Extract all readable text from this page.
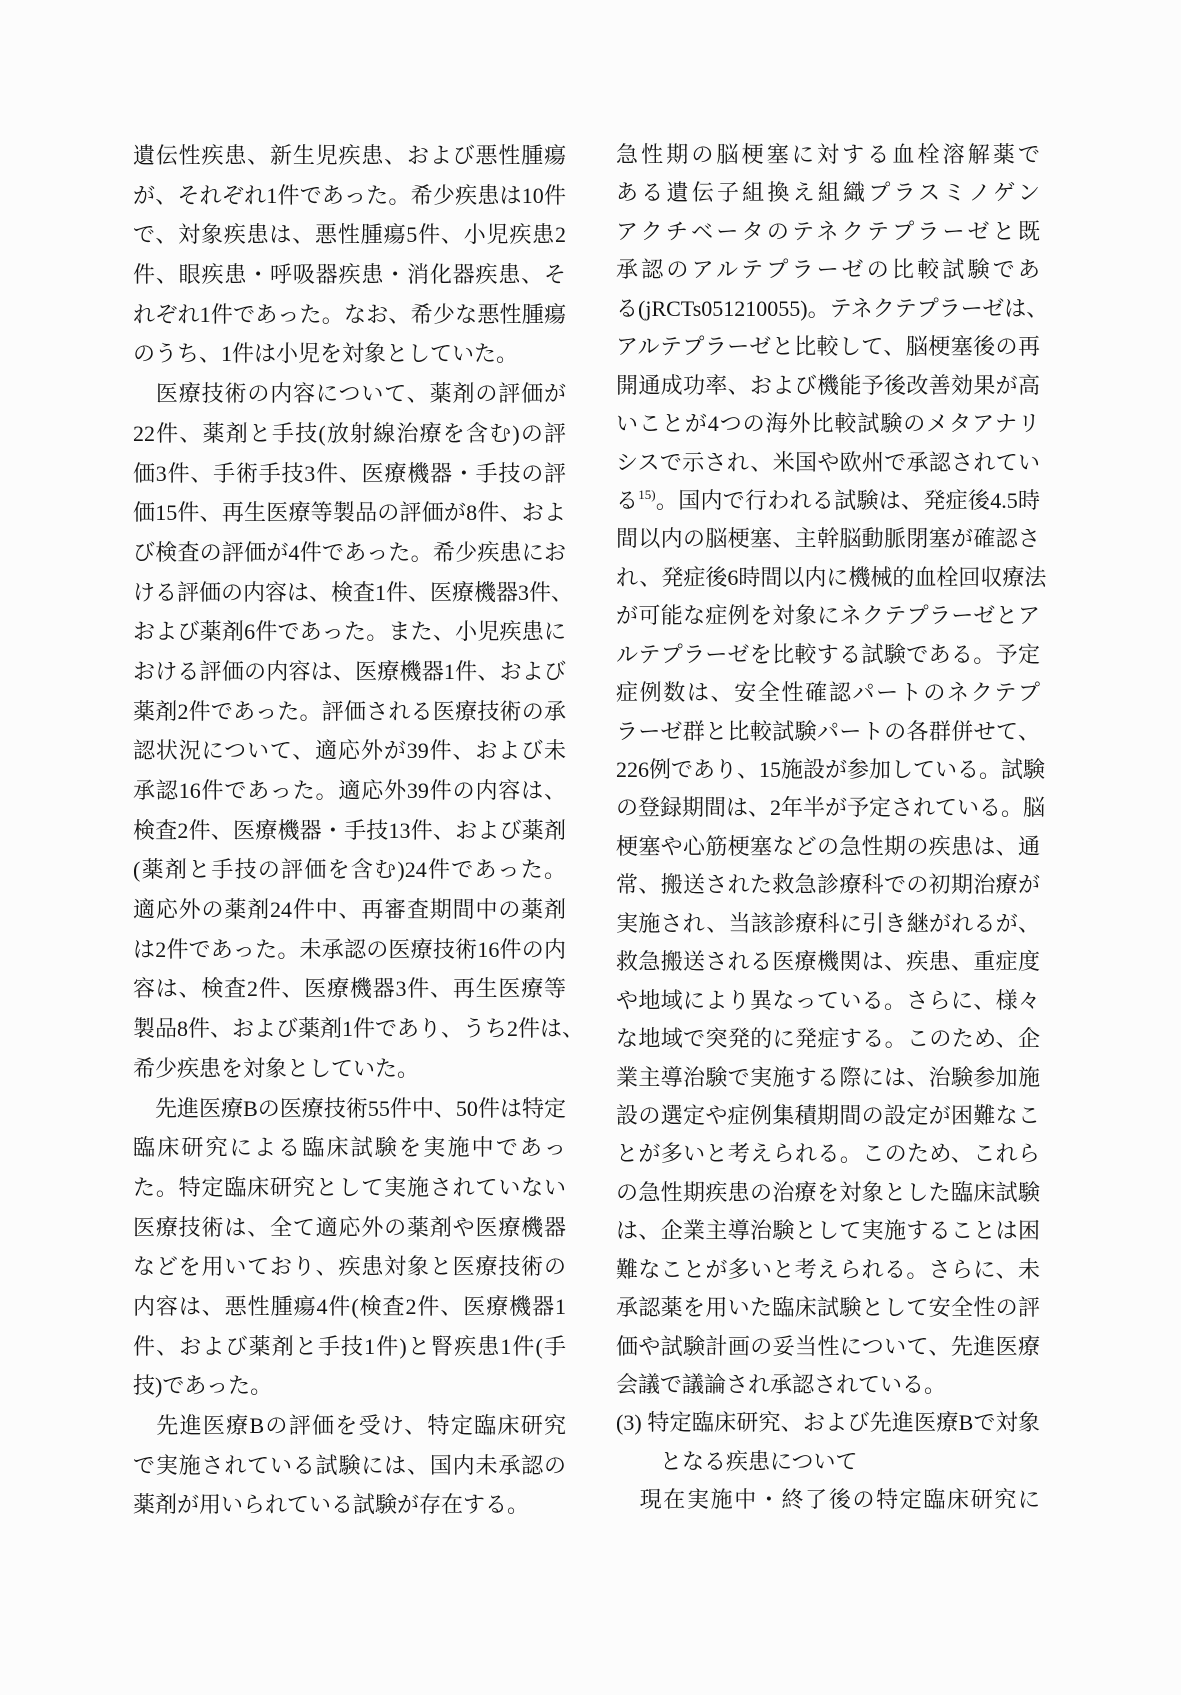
遺伝性疾患、新生児疾患、および悪性腫瘍
が、それぞれ1件であった。希少疾患は10件
で、対象疾患は、悪性腫瘍5件、小児疾患2
件、眼疾患・呼吸器疾患・消化器疾患、そ
れぞれ1件であった。なお、希少な悪性腫瘍
のうち、1件は小児を対象としていた。
　医療技術の内容について、薬剤の評価が
22件、薬剤と手技(放射線治療を含む)の評
価3件、手術手技3件、医療機器・手技の評
価15件、再生医療等製品の評価が8件、およ
び検査の評価が4件であった。希少疾患にお
ける評価の内容は、検査1件、医療機器3件、
および薬剤6件であった。また、小児疾患に
おける評価の内容は、医療機器1件、および
薬剤2件であった。評価される医療技術の承
認状況について、適応外が39件、および未
承認16件であった。適応外39件の内容は、
検査2件、医療機器・手技13件、および薬剤
(薬剤と手技の評価を含む)24件であった。
適応外の薬剤24件中、再審査期間中の薬剤
は2件であった。未承認の医療技術16件の内
容は、検査2件、医療機器3件、再生医療等
製品8件、および薬剤1件であり、うち2件は、
希少疾患を対象としていた。
　先進医療Bの医療技術55件中、50件は特定
臨床研究による臨床試験を実施中であっ
た。特定臨床研究として実施されていない
医療技術は、全て適応外の薬剤や医療機器
などを用いており、疾患対象と医療技術の
内容は、悪性腫瘍4件(検査2件、医療機器1
件、および薬剤と手技1件)と腎疾患1件(手
技)であった。
　先進医療Bの評価を受け、特定臨床研究
で実施されている試験には、国内未承認の
薬剤が用いられている試験が存在する。
急性期の脳梗塞に対する血栓溶解薬で
ある遺伝子組換え組織プラスミノゲン
アクチベータのテネクテプラーゼと既
承認のアルテプラーゼの比較試験であ
る(jRCTs051210055)。テネクテプラーゼは、
アルテプラーゼと比較して、脳梗塞後の再
開通成功率、および機能予後改善効果が高
いことが4つの海外比較試験のメタアナリ
シスで示され、米国や欧州で承認されてい
る$^{15)}$。国内で行われる試験は、発症後4.5時
間以内の脳梗塞、主幹脳動脈閉塞が確認さ
れ、発症後6時間以内に機械的血栓回収療法
が可能な症例を対象にネクテプラーゼとア
ルテプラーゼを比較する試験である。予定
症例数は、安全性確認パートのネクテプ
ラーゼ群と比較試験パートの各群併せて、
226例であり、15施設が参加している。試験
の登録期間は、2年半が予定されている。脳
梗塞や心筋梗塞などの急性期の疾患は、通
常、搬送された救急診療科での初期治療が
実施され、当該診療科に引き継がれるが、
救急搬送される医療機関は、疾患、重症度
や地域により異なっている。さらに、様々
な地域で突発的に発症する。このため、企
業主導治験で実施する際には、治験参加施
設の選定や症例集積期間の設定が困難なこ
とが多いと考えられる。このため、これら
の急性期疾患の治療を対象とした臨床試験
は、企業主導治験として実施することは困
難なことが多いと考えられる。さらに、未
承認薬を用いた臨床試験として安全性の評
価や試験計画の妥当性について、先進医療
会議で議論され承認されている。
(3) 特定臨床研究、および先進医療Bで対象
　　となる疾患について
　現在実施中・終了後の特定臨床研究に
